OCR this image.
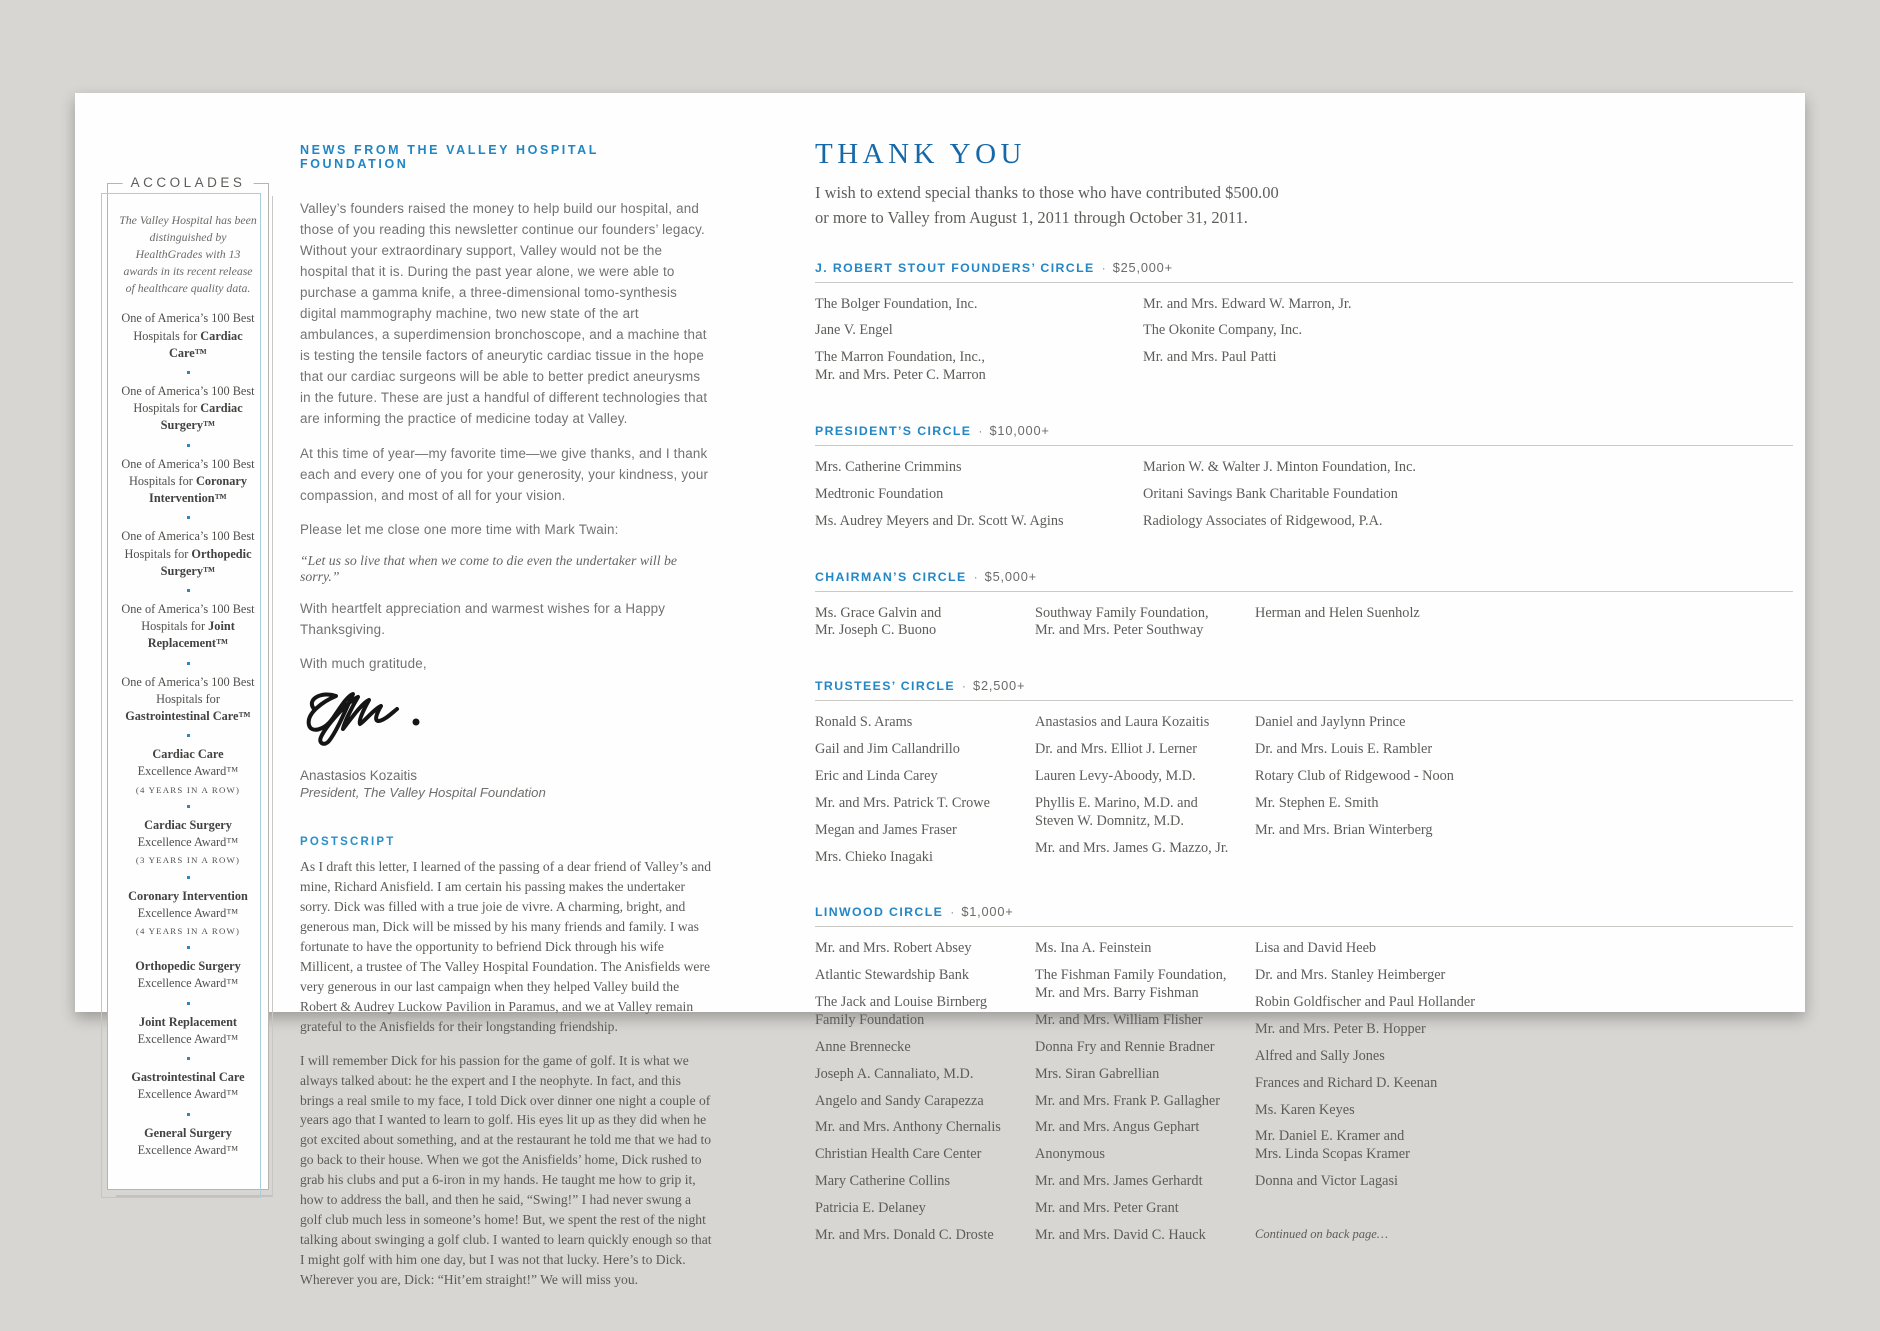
ACCOLADES

The Valley Hospital has been distinguished by HealthGrades with 13 awards in its recent release of healthcare quality data.

One of America’s 100 Best Hospitals for Cardiac Care™
One of America’s 100 Best Hospitals for Cardiac Surgery™
One of America’s 100 Best Hospitals for Coronary Intervention™
One of America’s 100 Best Hospitals for Orthopedic Surgery™
One of America’s 100 Best Hospitals for Joint Replacement™
One of America’s 100 Best Hospitals for Gastrointestinal Care™
Cardiac Care
Excellence Award™
(4 YEARS IN A ROW)
Cardiac Surgery
Excellence Award™
(3 YEARS IN A ROW)
Coronary Intervention
Excellence Award™
(4 YEARS IN A ROW)
Orthopedic Surgery
Excellence Award™
Joint Replacement
Excellence Award™
Gastrointestinal Care
Excellence Award™
General Surgery
Excellence Award™
NEWS FROM THE VALLEY HOSPITAL FOUNDATION

Valley’s founders raised the money to help build our hospital, and those of you reading this newsletter continue our founders’ legacy. Without your extraordinary support, Valley would not be the hospital that it is. During the past year alone, we were able to purchase a gamma knife, a three-dimensional tomo-synthesis digital mammography machine, two new state of the art ambulances, a superdimension bronchoscope, and a machine that is testing the tensile factors of aneurytic cardiac tissue in the hope that our cardiac surgeons will be able to better predict aneurysms in the future. These are just a handful of different technologies that are informing the practice of medicine today at Valley.

At this time of year—my favorite time—we give thanks, and I thank each and every one of you for your generosity, your kindness, your compassion, and most of all for your vision.

Please let me close one more time with Mark Twain:

“Let us so live that when we come to die even the undertaker will be sorry.”

With heartfelt appreciation and warmest wishes for a Happy Thanksgiving.

With much gratitude,

Anastasios Kozaitis
President, The Valley Hospital Foundation
POSTSCRIPT

As I draft this letter, I learned of the passing of a dear friend of Valley’s and mine, Richard Anisfield. I am certain his passing makes the undertaker sorry. Dick was filled with a true joie de vivre. A charming, bright, and generous man, Dick will be missed by his many friends and family. I was fortunate to have the opportunity to befriend Dick through his wife Millicent, a trustee of The Valley Hospital Foundation. The Anisfields were very generous in our last campaign when they helped Valley build the Robert & Audrey Luckow Pavilion in Paramus, and we at Valley remain grateful to the Anisfields for their longstanding friendship.

I will remember Dick for his passion for the game of golf. It is what we always talked about: he the expert and I the neophyte. In fact, and this brings a real smile to my face, I told Dick over dinner one night a couple of years ago that I wanted to learn to golf. His eyes lit up as they did when he got excited about something, and at the restaurant he told me that we had to go back to their house. When we got the Anisfields’ home, Dick rushed to grab his clubs and put a 6-iron in my hands. He taught me how to grip it, how to address the ball, and then he said, “Swing!” I had never swung a golf club much less in someone’s home! But, we spent the rest of the night talking about swinging a golf club. I wanted to learn quickly enough so that I might golf with him one day, but I was not that lucky. Here’s to Dick. Wherever you are, Dick: “Hit’em straight!” We will miss you.

THANK YOU

I wish to extend special thanks to those who have contributed $500.00
or more to Valley from August 1, 2011 through October 31, 2011.

J. ROBERT STOUT FOUNDERS’ CIRCLE · $25,000+
The Bolger Foundation, Inc.
Jane V. Engel
The Marron Foundation, Inc.,
Mr. and Mrs. Peter C. Marron
Mr. and Mrs. Edward W. Marron, Jr.
The Okonite Company, Inc.
Mr. and Mrs. Paul Patti
PRESIDENT’S CIRCLE · $10,000+
Mrs. Catherine Crimmins
Medtronic Foundation
Ms. Audrey Meyers and Dr. Scott W. Agins
Marion W. & Walter J. Minton Foundation, Inc.
Oritani Savings Bank Charitable Foundation
Radiology Associates of Ridgewood, P.A.
CHAIRMAN’S CIRCLE · $5,000+
Ms. Grace Galvin and
Mr. Joseph C. Buono
Southway Family Foundation,
Mr. and Mrs. Peter Southway
Herman and Helen Suenholz
TRUSTEES’ CIRCLE · $2,500+
Ronald S. Arams
Gail and Jim Callandrillo
Eric and Linda Carey
Mr. and Mrs. Patrick T. Crowe
Megan and James Fraser
Mrs. Chieko Inagaki
Anastasios and Laura Kozaitis
Dr. and Mrs. Elliot J. Lerner
Lauren Levy-Aboody, M.D.
Phyllis E. Marino, M.D. and
Steven W. Domnitz, M.D.
Mr. and Mrs. James G. Mazzo, Jr.
Daniel and Jaylynn Prince
Dr. and Mrs. Louis E. Rambler
Rotary Club of Ridgewood - Noon
Mr. Stephen E. Smith
Mr. and Mrs. Brian Winterberg
LINWOOD CIRCLE · $1,000+
Mr. and Mrs. Robert Absey
Atlantic Stewardship Bank
The Jack and Louise Birnberg
Family Foundation
Anne Brennecke
Joseph A. Cannaliato, M.D.
Angelo and Sandy Carapezza
Mr. and Mrs. Anthony Chernalis
Christian Health Care Center
Mary Catherine Collins
Patricia E. Delaney
Mr. and Mrs. Donald C. Droste
Ms. Ina A. Feinstein
The Fishman Family Foundation,
Mr. and Mrs. Barry Fishman
Mr. and Mrs. William Flisher
Donna Fry and Rennie Bradner
Mrs. Siran Gabrellian
Mr. and Mrs. Frank P. Gallagher
Mr. and Mrs. Angus Gephart
Anonymous
Mr. and Mrs. James Gerhardt
Mr. and Mrs. Peter Grant
Mr. and Mrs. David C. Hauck
Lisa and David Heeb
Dr. and Mrs. Stanley Heimberger
Robin Goldfischer and Paul Hollander
Mr. and Mrs. Peter B. Hopper
Alfred and Sally Jones
Frances and Richard D. Keenan
Ms. Karen Keyes
Mr. Daniel E. Kramer and
Mrs. Linda Scopas Kramer
Donna and Victor Lagasi
Continued on back page…
